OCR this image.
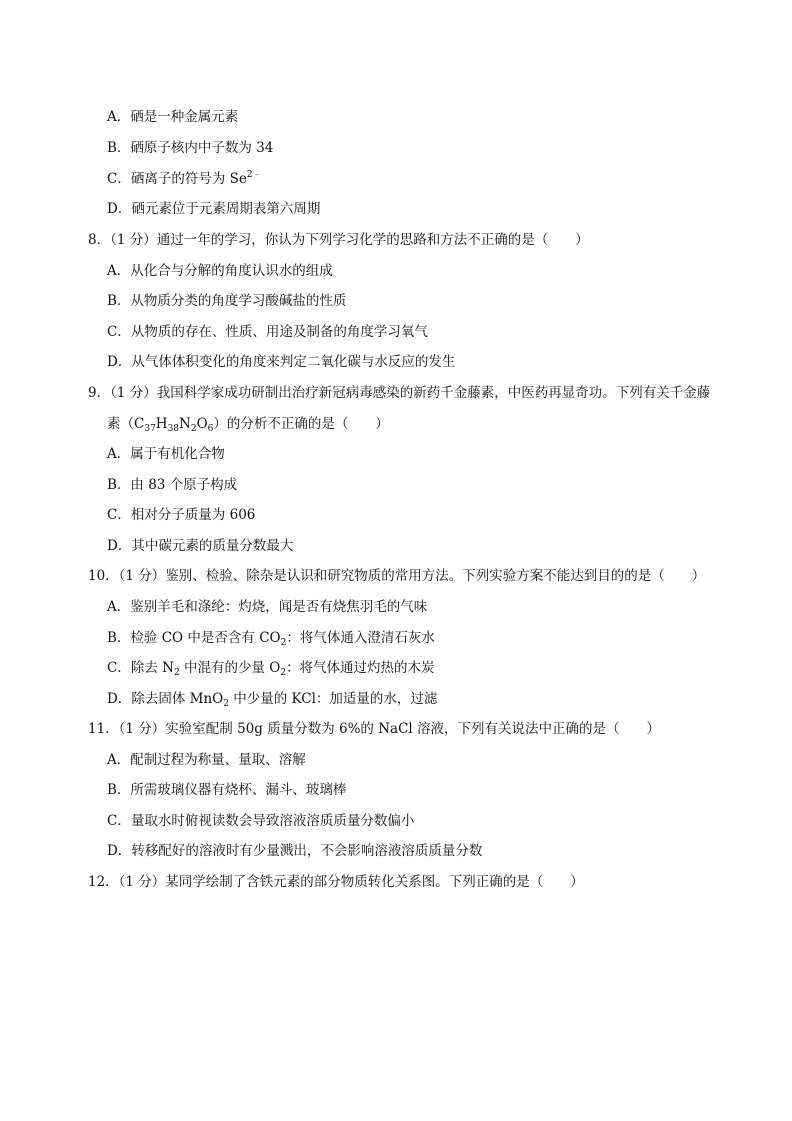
A．硒是一种金属元素
B．硒原子核内中子数为 34
C．硒离子的符号为 $Se^{2﹣}$
D．硒元素位于元素周期表第六周期
8．（1 分）通过一年的学习，你认为下列学习化学的思路和方法不正确的是（　　）
A．从化合与分解的角度认识水的组成
B．从物质分类的角度学习酸碱盐的性质
C．从物质的存在、性质、用途及制备的角度学习氧气
D．从气体体积变化的角度来判定二氧化碳与水反应的发生
9．（1 分）我国科学家成功研制出治疗新冠病毒感染的新药千金藤素，中医药再显奇功。下列有关千金藤
素$(C_{37}H_{38}N_2O_6)$的分析不正确的是（　　）
A．属于有机化合物
B．由 83 个原子构成
C．相对分子质量为 606
D．其中碳元素的质量分数最大
10．（1 分）鉴别、检验、除杂是认识和研究物质的常用方法。下列实验方案不能达到目的的是（　　）
A．鉴别羊毛和涤纶：灼烧，闻是否有烧焦羽毛的气味
B．检验 CO 中是否含有 $CO_2$：将气体通入澄清石灰水
C．除去 $N_2$ 中混有的少量 $O_2$：将气体通过灼热的木炭
D．除去固体 MnO$_2$ 中少量的 KCl：加适量的水，过滤
11．（1 分）实验室配制 50g 质量分数为 6%的 NaCl 溶液，下列有关说法中正确的是（　　）
A．配制过程为称量、量取、溶解
B．所需玻璃仪器有烧杯、漏斗、玻璃棒
C．量取水时俯视读数会导致溶液溶质质量分数偏小
D．转移配好的溶液时有少量溅出，不会影响溶液溶质质量分数
12．（1 分）某同学绘制了含铁元素的部分物质转化关系图。下列正确的是（　　）
